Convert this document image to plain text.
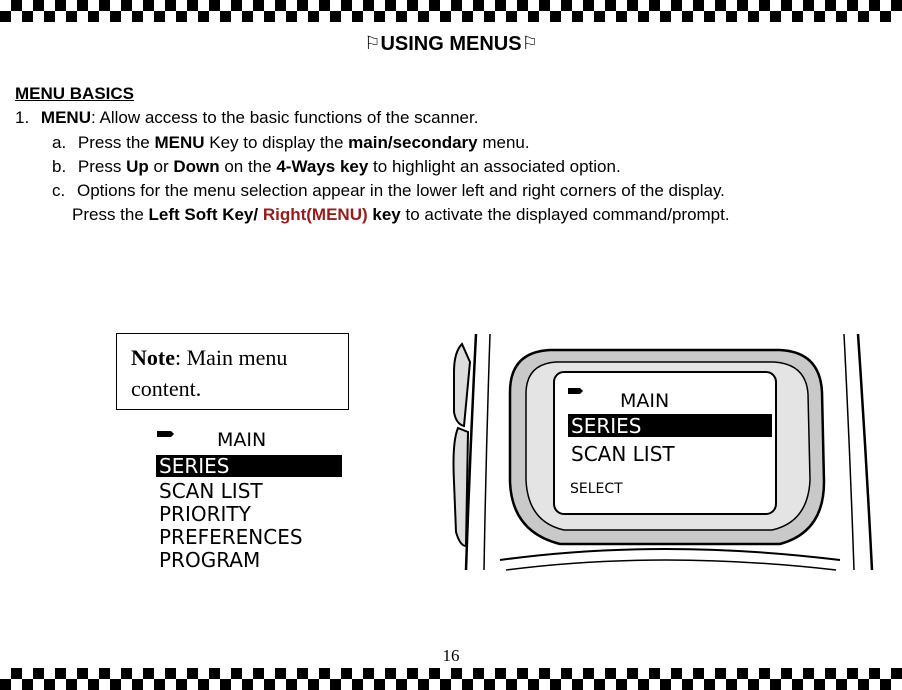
⚐USING MENUS⚐
MENU BASICS
1. MENU: Allow access to the basic functions of the scanner.
a. Press the MENU Key to display the main/secondary menu.
b. Press Up or Down on the 4-Ways key to highlight an associated option.
c. Options for the menu selection appear in the lower left and right corners of the display.
Press the Left Soft Key/ Right(MENU) key to activate the displayed command/prompt.
Note: Main menu content.
MAIN
SERIES
SCAN LIST
PRIORITY
PREFERENCES
PROGRAM
MAIN
SERIES
SCAN LIST
SELECT
16
